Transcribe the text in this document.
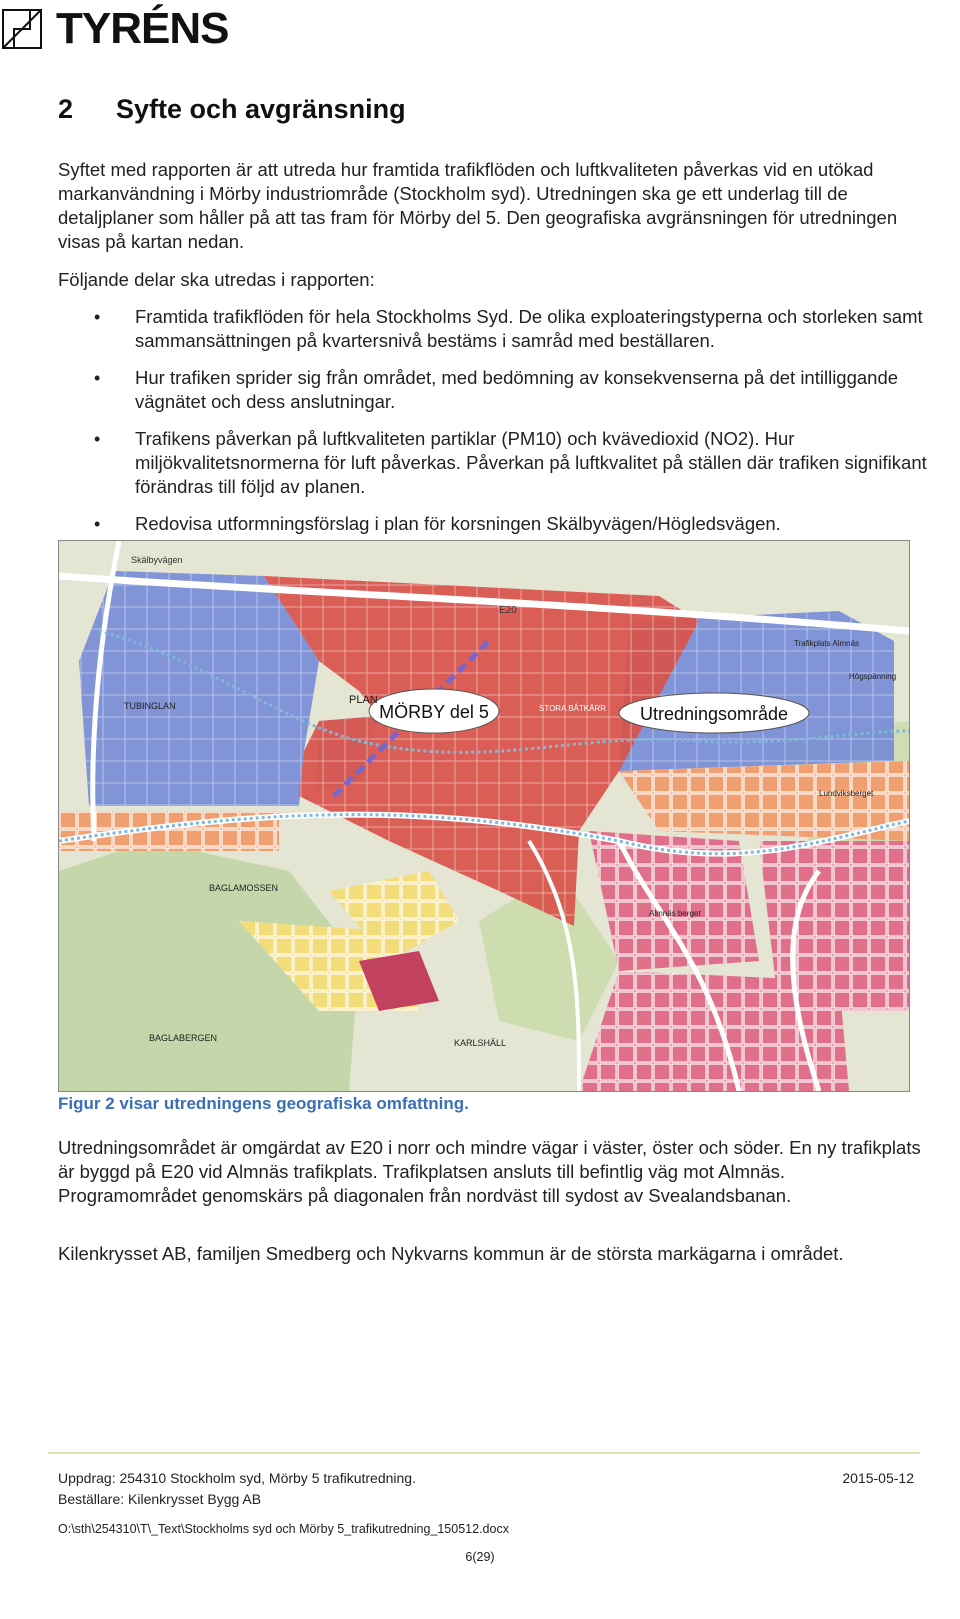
TYRÉNS
2 Syfte och avgränsning

Syftet med rapporten är att utreda hur framtida trafikflöden och luftkvaliteten påverkas vid en utökad markanvändning i Mörby industriområde (Stockholm syd). Utredningen ska ge ett underlag till de detaljplaner som håller på att tas fram för Mörby del 5. Den geografiska avgränsningen för utredningen visas på kartan nedan.

Följande delar ska utredas i rapporten:

• Framtida trafikflöden för hela Stockholms Syd. De olika exploateringstyperna och storleken samt sammansättningen på kvartersnivå bestäms i samråd med beställaren.
• Hur trafiken sprider sig från området, med bedömning av konsekvenserna på det intilliggande vägnätet och dess anslutningar.
• Trafikens påverkan på luftkvaliteten partiklar (PM10) och kvävedioxid (NO2). Hur miljökvalitetsnormerna för luft påverkas. Påverkan på luftkvalitet på ställen där trafiken signifikant förändras till följd av planen.
• Redovisa utformningsförslag i plan för korsningen Skälbyvägen/Högledsvägen.
MÖRBY del 5	Utredningsområde
E20
Skälbyvägen
TUBINGLAN
Trafikplats Almnäs
Högspänning
Lundviksberget
BAGLAMOSSEN
Almnäs berget
BAGLABERGEN	KARLSHÄLL
STORA BÅTKÄRR
PLAN
Figur 2 visar utredningens geografiska omfattning.

Utredningsområdet är omgärdat av E20 i norr och mindre vägar i väster, öster och söder. En ny trafikplats är byggd på E20 vid Almnäs trafikplats. Trafikplatsen ansluts till befintlig väg mot Almnäs. Programområdet genomskärs på diagonalen från nordväst till sydost av Svealandsbanan.

Kilenkrysset AB, familjen Smedberg och Nykvarns kommun är de största markägarna i området.

Uppdrag: 254310 Stockholm syd, Mörby 5 trafikutredning.	2015-05-12
Beställare: Kilenkrysset Bygg AB
O:\sth\254310\T\_Text\Stockholms syd och Mörby 5_trafikutredning_150512.docx
6(29)
